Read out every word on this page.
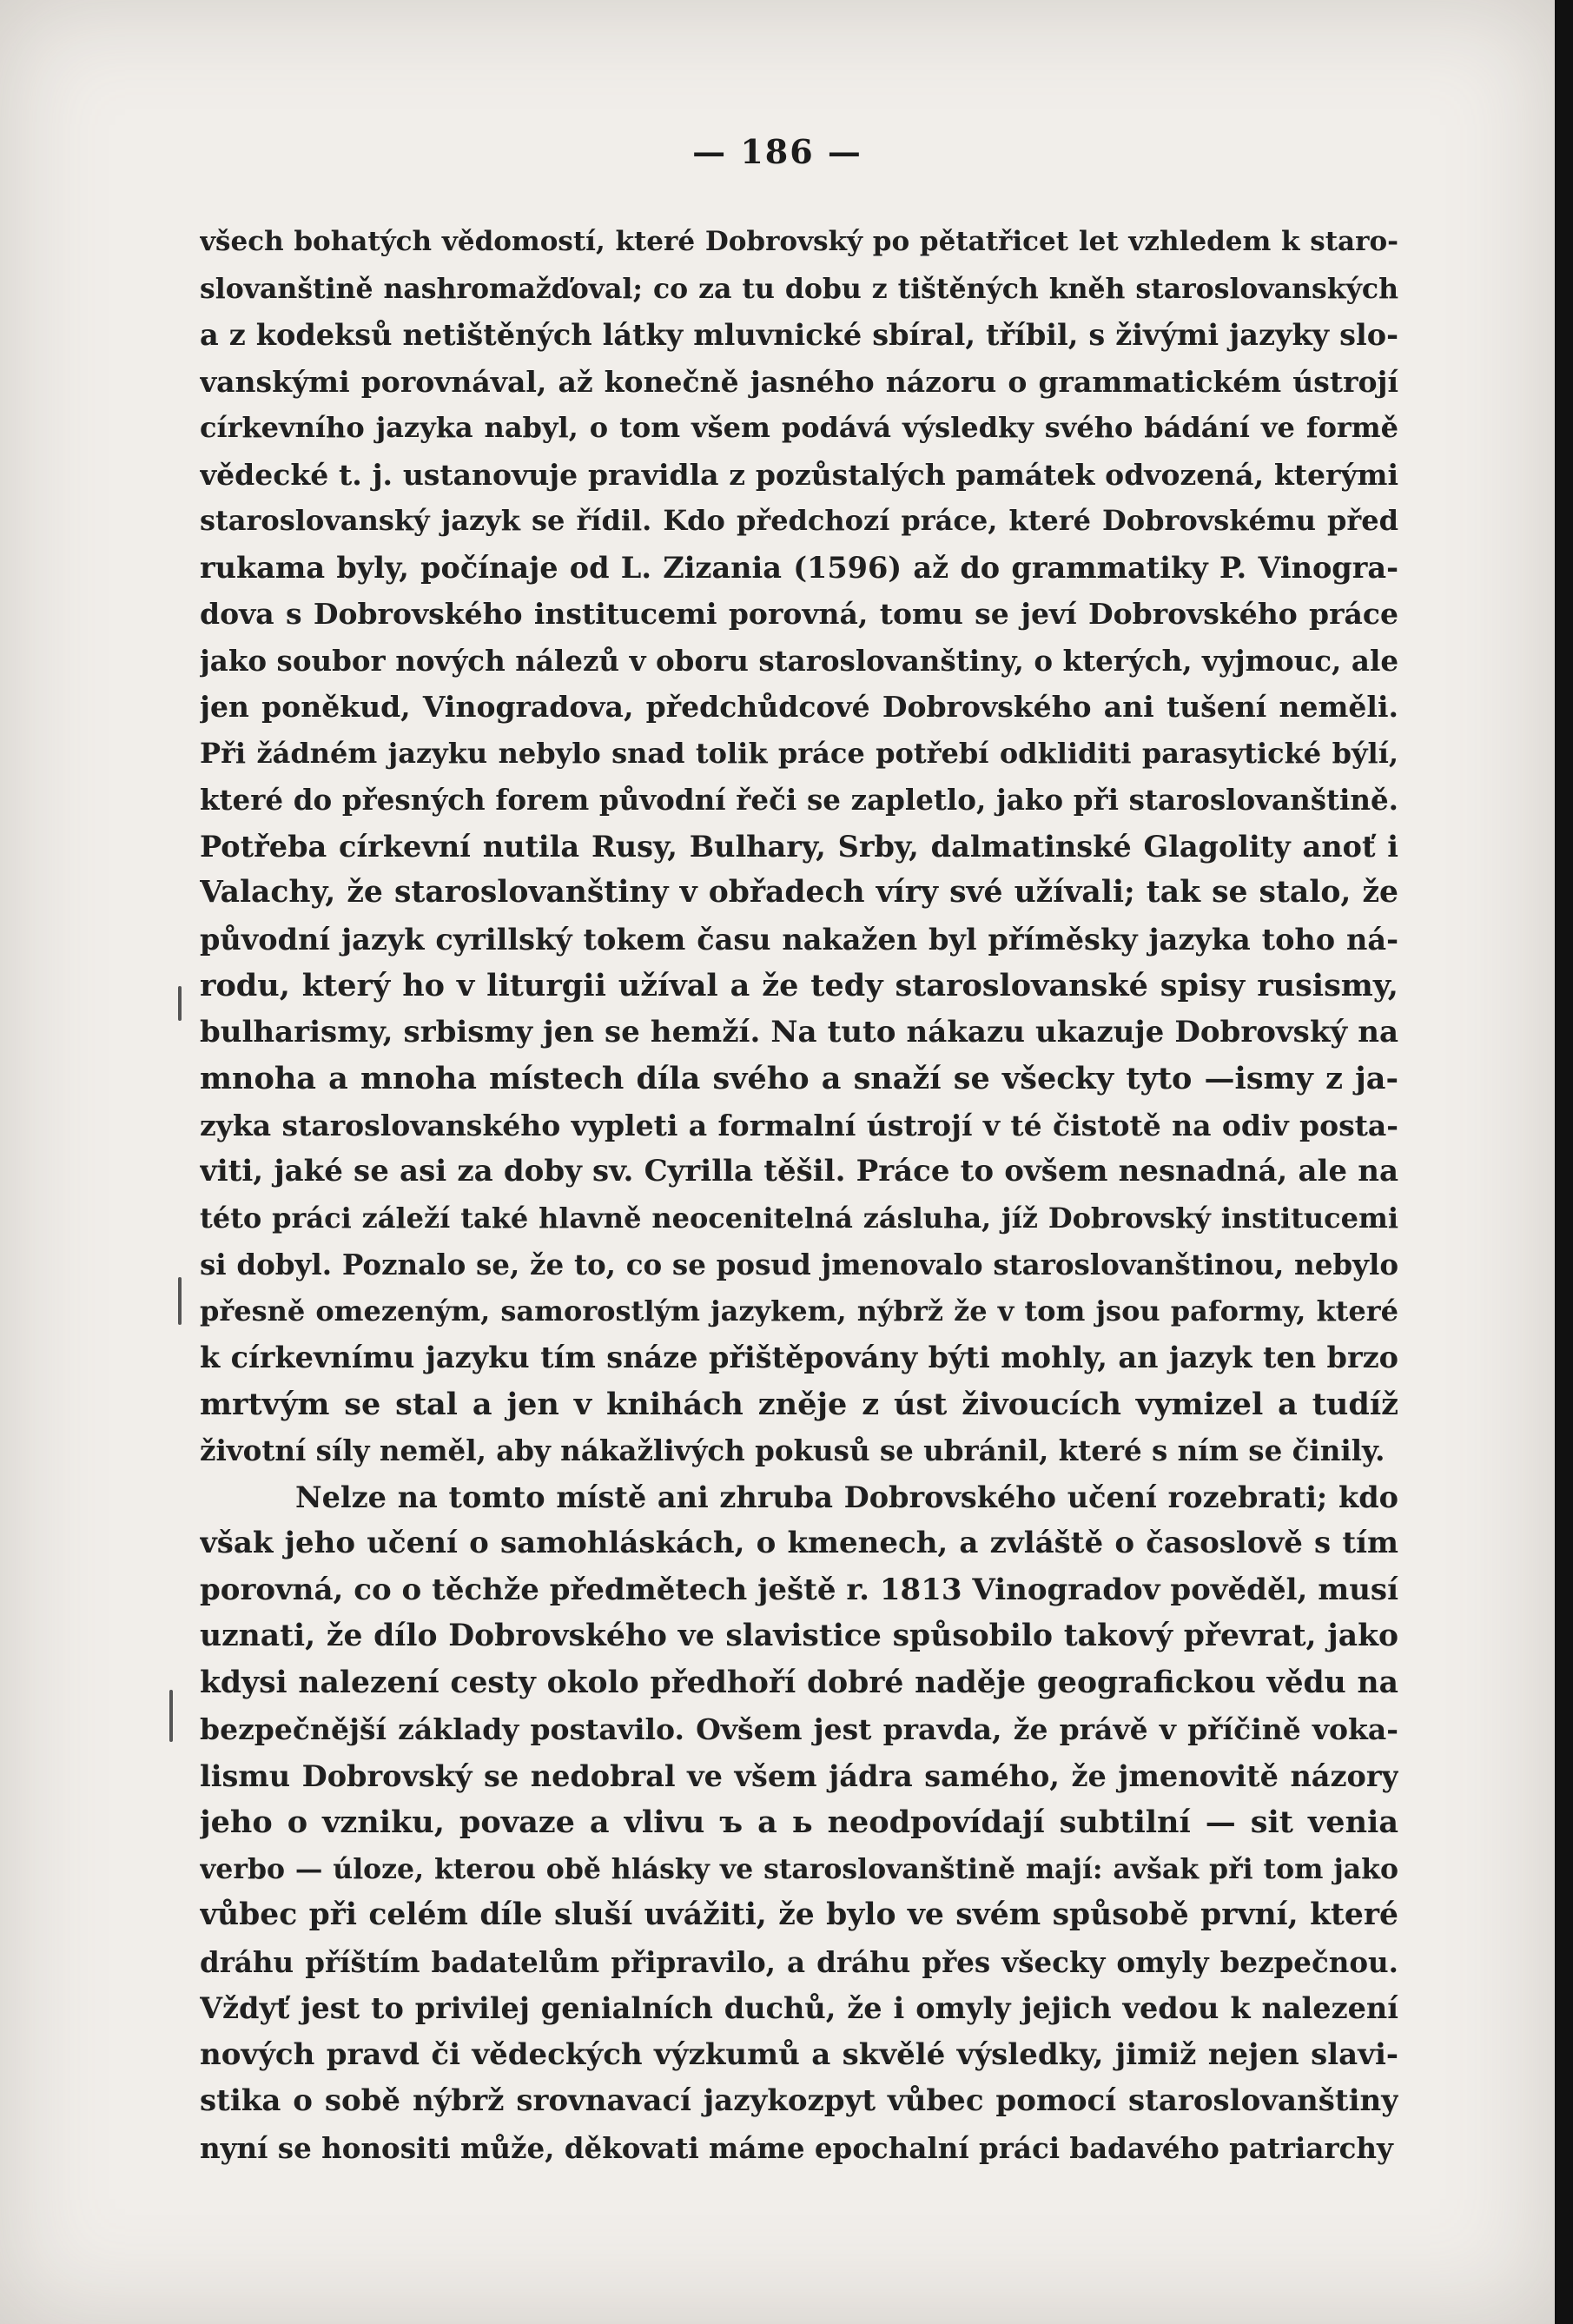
— 186 —
všech bohatých vědomostí, které Dobrovský po pětatřicet let vzhledem k staro-
slovanštině nashromažďoval; co za tu dobu z tištěných kněh staroslovanských
a z kodeksů netištěných látky mluvnické sbíral, tříbil, s živými jazyky slo-
vanskými porovnával, až konečně jasného názoru o grammatickém ústrojí
církevního jazyka nabyl, o tom všem podává výsledky svého bádání ve formě
vědecké t. j. ustanovuje pravidla z pozůstalých památek odvozená, kterými
staroslovanský jazyk se řídil. Kdo předchozí práce, které Dobrovskému před
rukama byly, počínaje od L. Zizania (1596) až do grammatiky P. Vinogra-
dova s Dobrovského institucemi porovná, tomu se jeví Dobrovského práce
jako soubor nových nálezů v oboru staroslovanštiny, o kterých, vyjmouc, ale
jen poněkud, Vinogradova, předchůdcové Dobrovského ani tušení neměli.
Při žádném jazyku nebylo snad tolik práce potřebí odkliditi parasytické býlí,
které do přesných forem původní řeči se zapletlo, jako při staroslovanštině.
Potřeba církevní nutila Rusy, Bulhary, Srby, dalmatinské Glagolity anoť i
Valachy, že staroslovanštiny v obřadech víry své užívali; tak se stalo, že
původní jazyk cyrillský tokem času nakažen byl příměsky jazyka toho ná-
rodu, který ho v liturgii užíval a že tedy staroslovanské spisy rusismy,
bulharismy, srbismy jen se hemží. Na tuto nákazu ukazuje Dobrovský na
mnoha a mnoha místech díla svého a snaží se všecky tyto —ismy z ja-
zyka staroslovanského vypleti a formalní ústrojí v té čistotě na odiv posta-
viti, jaké se asi za doby sv. Cyrilla těšil. Práce to ovšem nesnadná, ale na
této práci záleží také hlavně neocenitelná zásluha, jíž Dobrovský institucemi
si dobyl. Poznalo se, že to, co se posud jmenovalo staroslovanštinou, nebylo
přesně omezeným, samorostlým jazykem, nýbrž že v tom jsou paformy, které
k církevnímu jazyku tím snáze přištěpovány býti mohly, an jazyk ten brzo
mrtvým se stal a jen v knihách zněje z úst živoucích vymizel a tudíž
životní síly neměl, aby nákažlivých pokusů se ubránil, které s ním se činily.
Nelze na tomto místě ani zhruba Dobrovského učení rozebrati; kdo
však jeho učení o samohláskách, o kmenech, a zvláště o časoslově s tím
porovná, co o těchže předmětech ještě r. 1813 Vinogradov pověděl, musí
uznati, že dílo Dobrovského ve slavistice spůsobilo takový převrat, jako
kdysi nalezení cesty okolo předhoří dobré naděje geografickou vědu na
bezpečnější základy postavilo. Ovšem jest pravda, že právě v příčině voka-
lismu Dobrovský se nedobral ve všem jádra samého, že jmenovitě názory
jeho o vzniku, povaze a vlivu ъ a ь neodpovídají subtilní — sit venia
verbo — úloze, kterou obě hlásky ve staroslovanštině mají: avšak při tom jako
vůbec při celém díle sluší uvážiti, že bylo ve svém spůsobě první, které
dráhu příštím badatelům připravilo, a dráhu přes všecky omyly bezpečnou.
Vždyť jest to privilej genialních duchů, že i omyly jejich vedou k nalezení
nových pravd či vědeckých výzkumů a skvělé výsledky, jimiž nejen slavi-
stika o sobě nýbrž srovnavací jazykozpyt vůbec pomocí staroslovanštiny
nyní se honositi může, děkovati máme epochalní práci badavého patriarchy
